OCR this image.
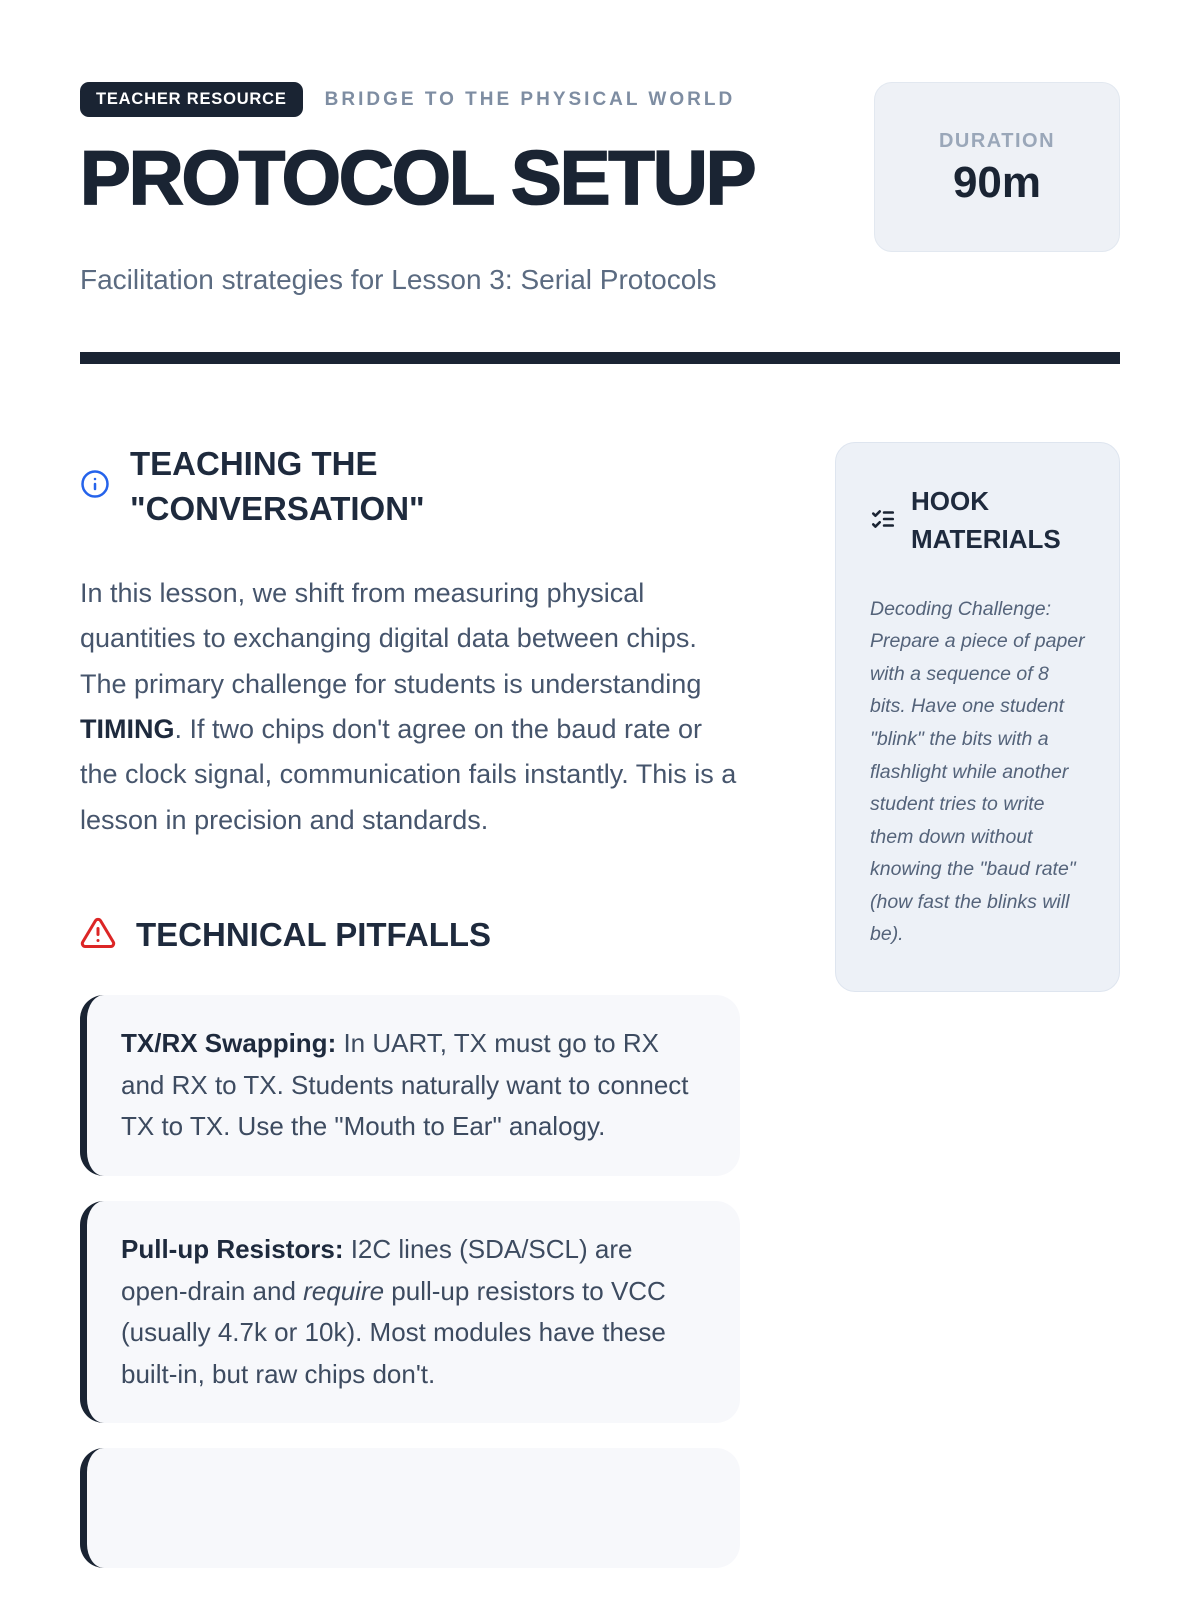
TEACHER RESOURCE	BRIDGE TO THE PHYSICAL WORLD
PROTOCOL SETUP

Facilitation strategies for Lesson 3: Serial Protocols

DURATION
90m
TEACHING THE "CONVERSATION"

In this lesson, we shift from measuring physical quantities to exchanging digital data between chips. The primary challenge for students is understanding TIMING. If two chips don't agree on the baud rate or the clock signal, communication fails instantly. This is a lesson in precision and standards.

TECHNICAL PITFALLS
TX/RX Swapping: In UART, TX must go to RX and RX to TX. Students naturally want to connect TX to TX. Use the "Mouth to Ear" analogy.
Pull-up Resistors: I2C lines (SDA/SCL) are open-drain and require pull-up resistors to VCC (usually 4.7k or 10k). Most modules have these built-in, but raw chips don't.
HOOK MATERIALS

Decoding Challenge: Prepare a piece of paper with a sequence of 8 bits. Have one student "blink" the bits with a flashlight while another student tries to write them down without knowing the "baud rate" (how fast the blinks will be).
